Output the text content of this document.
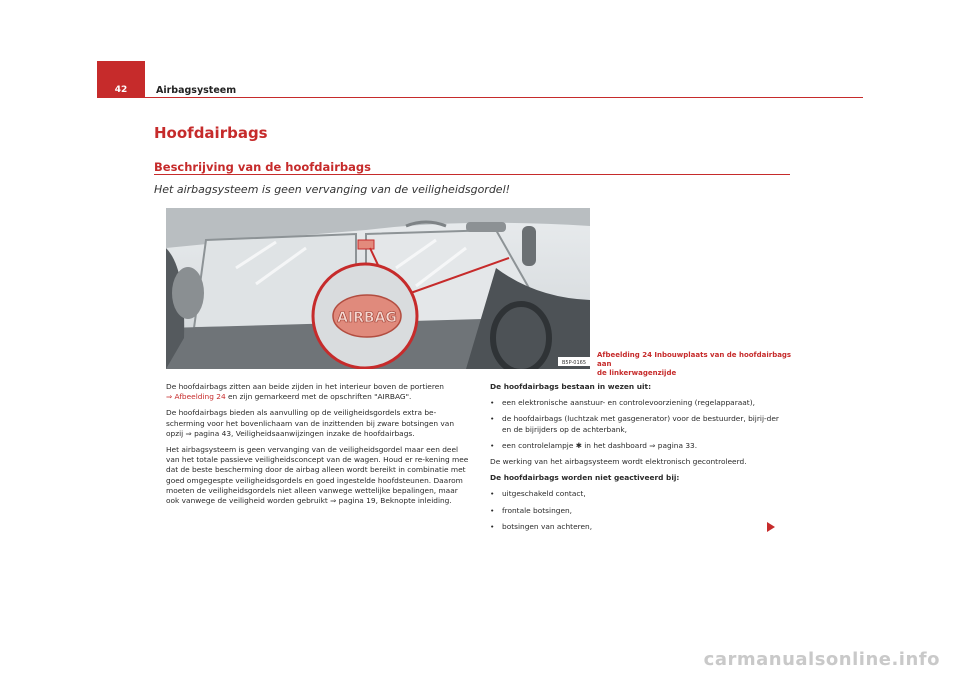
42	Airbagsysteem
Hoofdairbags
Beschrijving van de hoofdairbags
Het airbagsysteem is geen vervanging van de veiligheidsgordel!
AIRBAG
B5P-0165
Afbeelding 24 Inbouwplaats van de hoofdairbags aan
de linkerwagenzijde

De hoofdairbags zitten aan beide zijden in het interieur boven de portieren
⇒ Afbeelding 24 en zijn gemarkeerd met de opschriften "AIRBAG".

De hoofdairbags bieden als aanvulling op de veiligheidsgordels extra be-scherming voor het bovenlichaam van de inzittenden bij zware botsingen van opzij ⇒ pagina 43, Veiligheidsaanwijzingen inzake de hoofdairbags.

Het airbagsysteem is geen vervanging van de veiligheidsgordel maar een deel van het totale passieve veiligheidsconcept van de wagen. Houd er re-kening mee dat de beste bescherming door de airbag alleen wordt bereikt in combinatie met goed omgegespte veiligheidsgordels en goed ingestelde hoofdsteunen. Daarom moeten de veiligheidsgordels niet alleen vanwege wettelijke bepalingen, maar ook vanwege de veiligheid worden gebruikt ⇒ pagina 19, Beknopte inleiding.

De hoofdairbags bestaan in wezen uit:

• een elektronische aanstuur- en controlevoorziening (regelapparaat),

• de hoofdairbags (luchtzak met gasgenerator) voor de bestuurder, bijrij-der en de bijrijders op de achterbank,

• een controlelampje ✱ in het dashboard ⇒ pagina 33.

De werking van het airbagsysteem wordt elektronisch gecontroleerd.

De hoofdairbags worden niet geactiveerd bij:

• uitgeschakeld contact,

• frontale botsingen,

• botsingen van achteren,

carmanualsonline.info
